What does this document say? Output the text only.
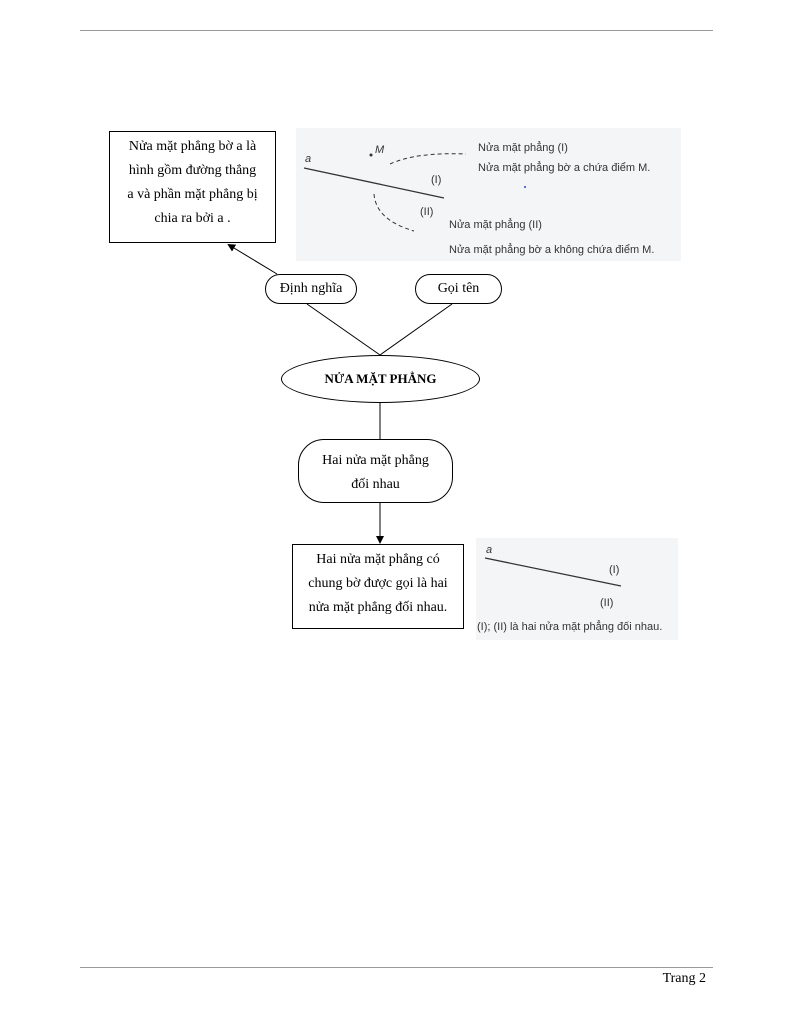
Nửa mặt phẳng bờ a là

hình gồm đường thẳng

a và phần mặt phẳng bị

chia ra bởi a .

a
M
(I)
(II)
Nửa mặt phẳng (I)
Nửa mặt phẳng bờ a chứa điểm M.
Nửa mặt phẳng (II)
Nửa mặt phẳng bờ a không chứa điểm M.
Định nghĩa	Gọi tên
NỬA MẶT PHẲNG
Hai nửa mặt phẳng
đối nhau

Hai nửa mặt phẳng có

chung bờ được gọi là hai

nửa mặt phẳng đối nhau.

a
(I)
(II)
(I); (II) là hai nửa mặt phẳng đối nhau.
Trang 2
